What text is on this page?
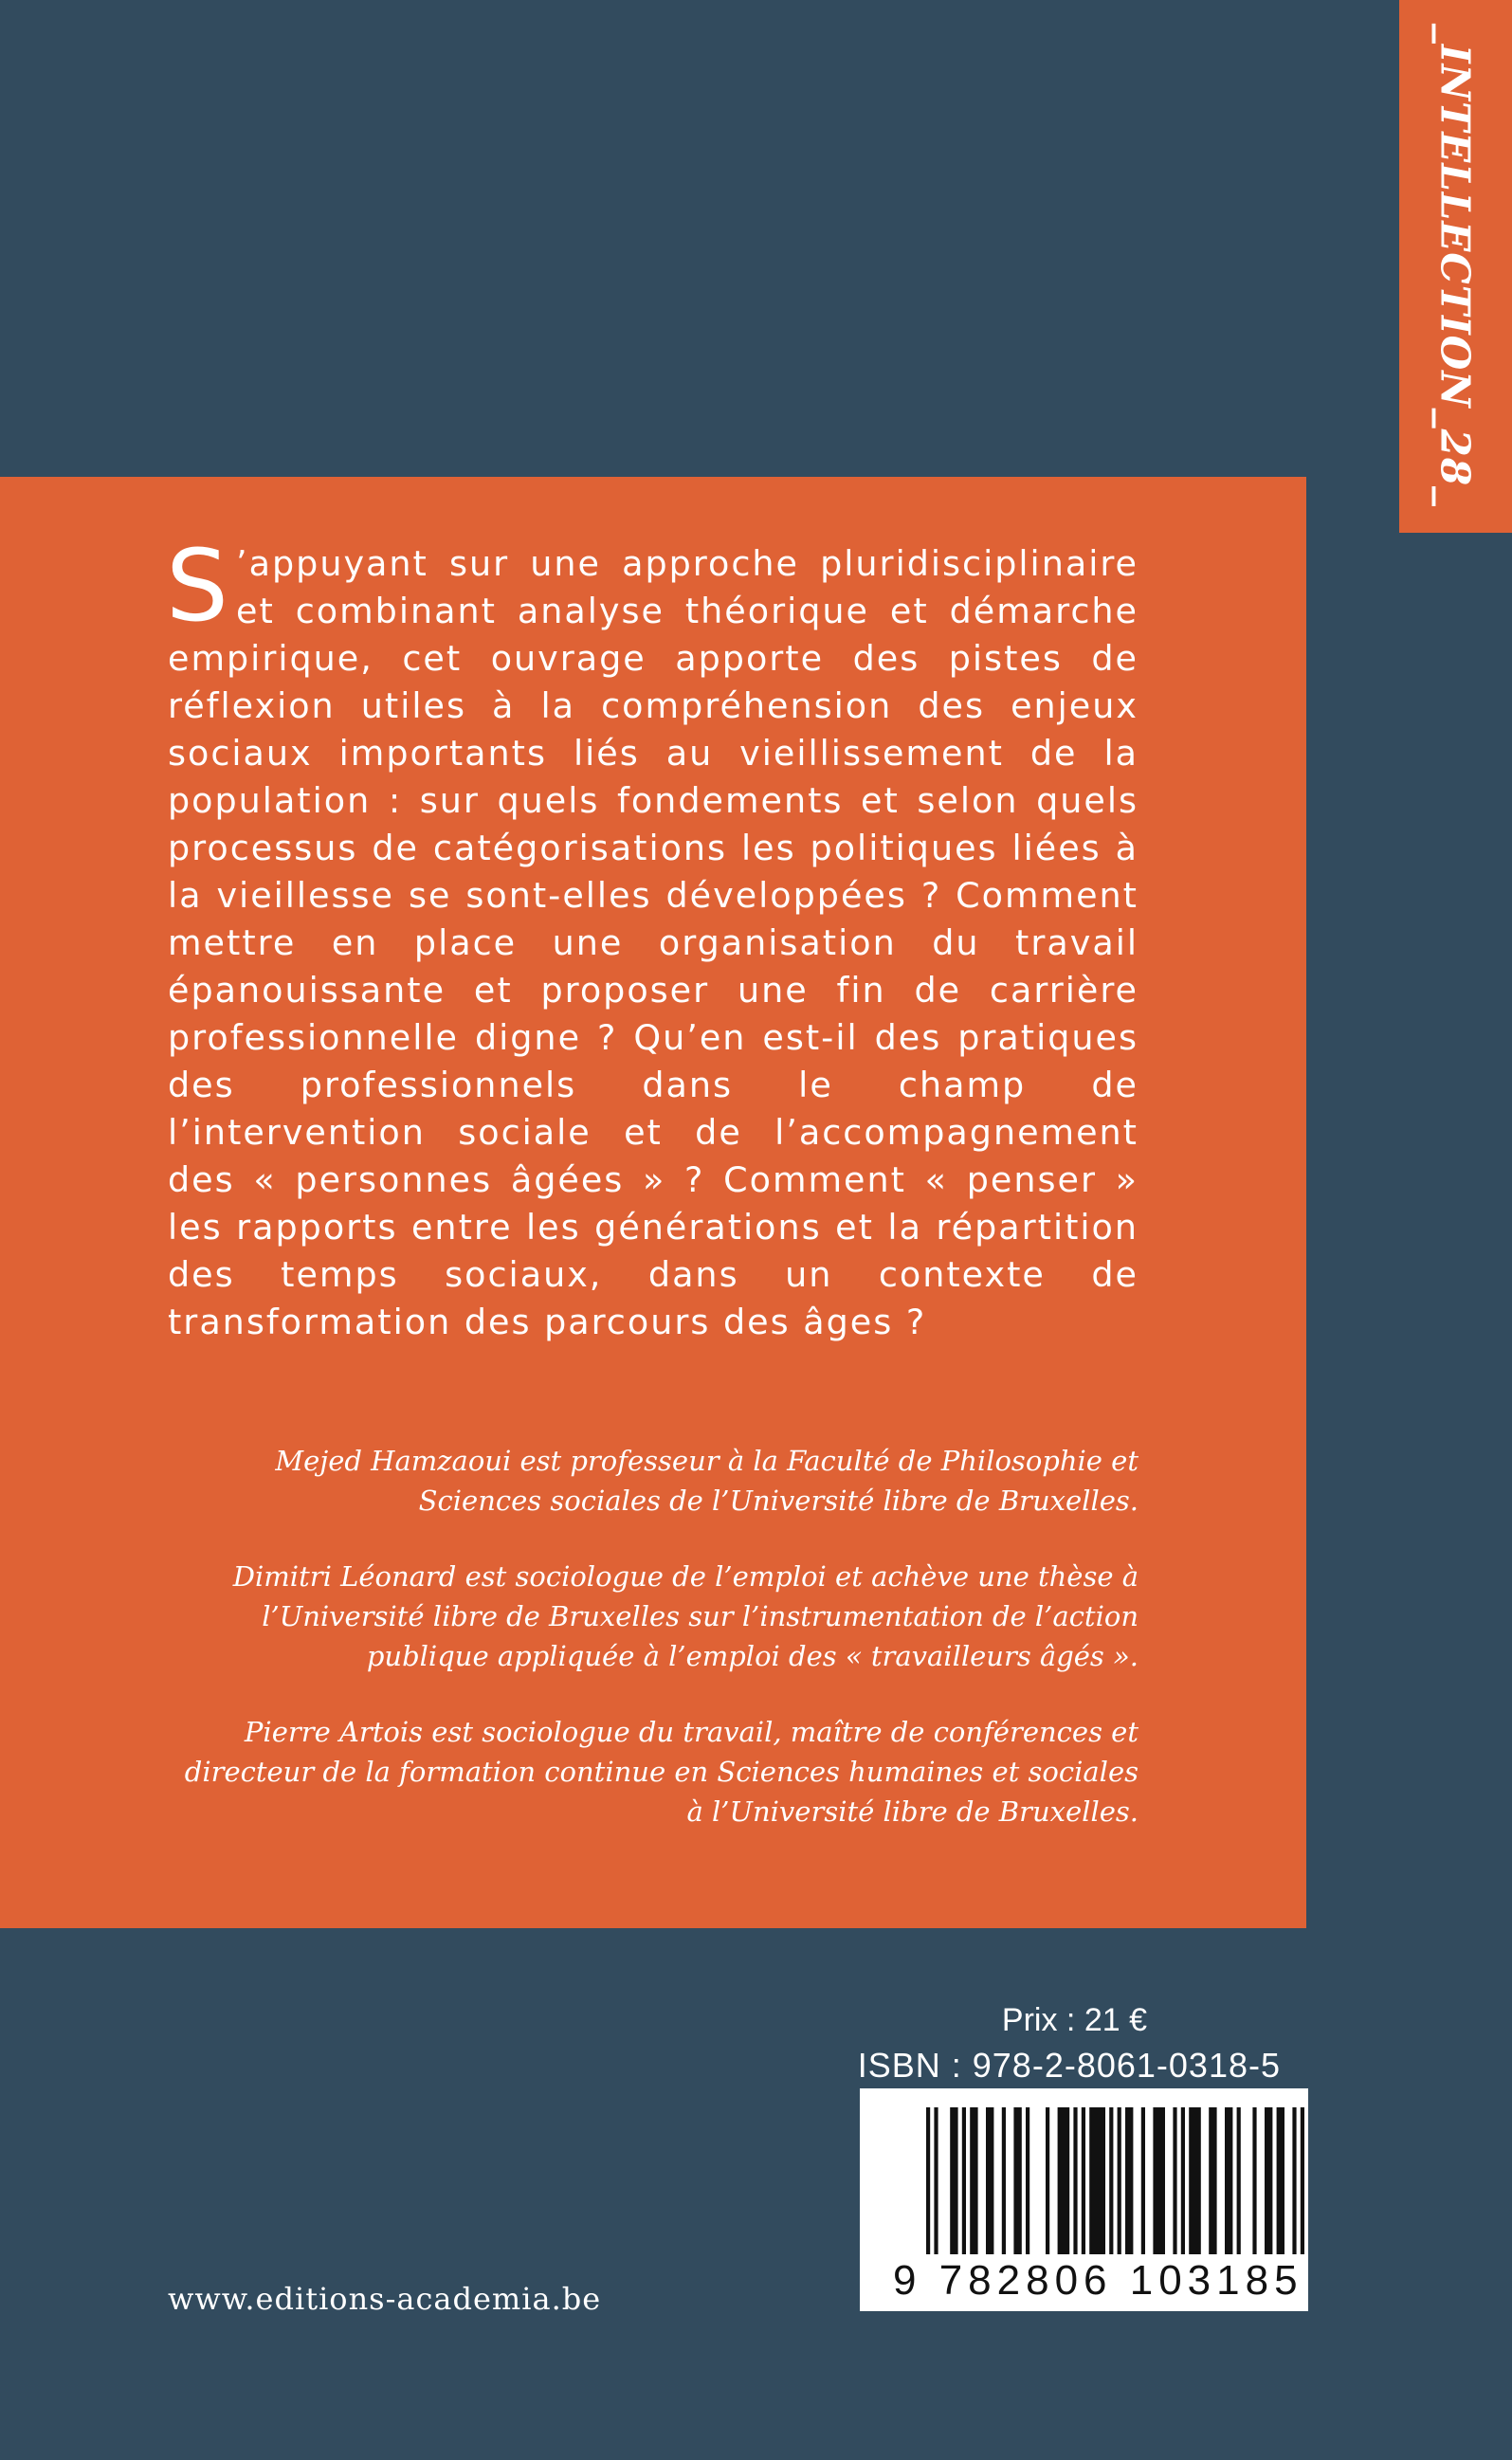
_INTELLECTION_28_

S ’appuyant sur une approche pluridisciplinaire et combinant analyse théorique et démarche empirique, cet ouvrage apporte des pistes de réflexion utiles à la compréhension des enjeux sociaux importants liés au vieillissement de la population : sur quels fondements et selon quels processus de catégorisations les politiques liées à la vieillesse se sont-elles développées ? Comment mettre en place une organisation du travail épanouissante et proposer une fin de carrière professionnelle digne ? Qu’en est-il des pratiques des professionnels dans le champ de l’intervention sociale et de l’accompagnement des « personnes âgées » ? Comment « penser » les rapports entre les générations et la répartition des temps sociaux, dans un contexte de transformation des parcours des âges ?

Mejed Hamzaoui est professeur à la Faculté de Philosophie et Sciences sociales de l’Université libre de Bruxelles.

Dimitri Léonard est sociologue de l’emploi et achève une thèse à l’Université libre de Bruxelles sur l’instrumentation de l’action publique appliquée à l’emploi des « travailleurs âgés ».

Pierre Artois est sociologue du travail, maître de conférences et directeur de la formation continue en Sciences humaines et sociales à l’Université libre de Bruxelles.

Prix : 21 €
ISBN : 978-2-8061-0318-5
9 782806 103185
www.editions-academia.be
